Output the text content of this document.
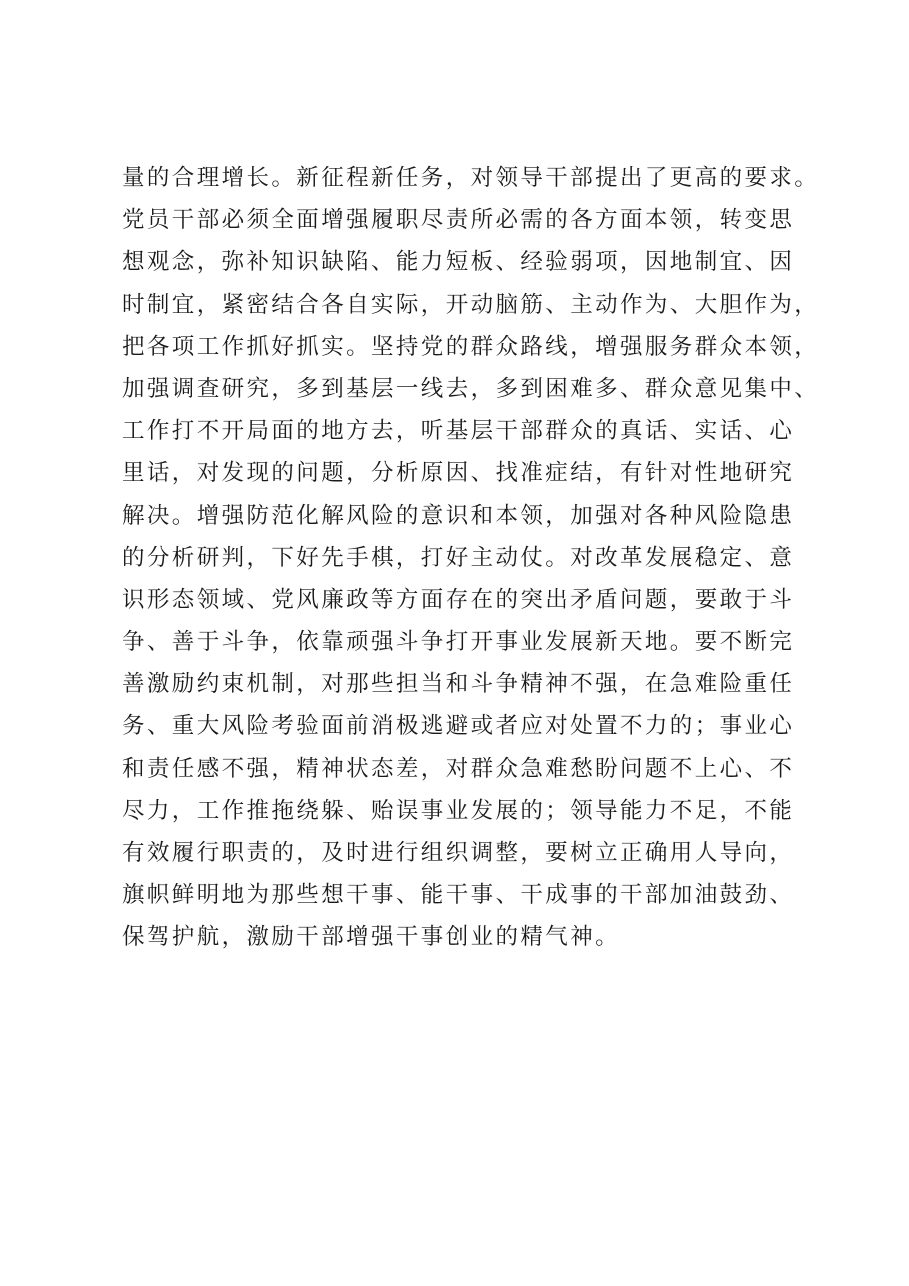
量的合理增长。新征程新任务，对领导干部提出了更高的要求。
党员干部必须全面增强履职尽责所必需的各方面本领，转变思
想观念，弥补知识缺陷、能力短板、经验弱项，因地制宜、因
时制宜，紧密结合各自实际，开动脑筋、主动作为、大胆作为，
把各项工作抓好抓实。坚持党的群众路线，增强服务群众本领，
加强调查研究，多到基层一线去，多到困难多、群众意见集中、
工作打不开局面的地方去，听基层干部群众的真话、实话、心
里话，对发现的问题，分析原因、找准症结，有针对性地研究
解决。增强防范化解风险的意识和本领，加强对各种风险隐患
的分析研判，下好先手棋，打好主动仗。对改革发展稳定、意
识形态领域、党风廉政等方面存在的突出矛盾问题，要敢于斗
争、善于斗争，依靠顽强斗争打开事业发展新天地。要不断完
善激励约束机制，对那些担当和斗争精神不强，在急难险重任
务、重大风险考验面前消极逃避或者应对处置不力的；事业心
和责任感不强，精神状态差，对群众急难愁盼问题不上心、不
尽力，工作推拖绕躲、贻误事业发展的；领导能力不足，不能
有效履行职责的，及时进行组织调整，要树立正确用人导向，
旗帜鲜明地为那些想干事、能干事、干成事的干部加油鼓劲、
保驾护航，激励干部增强干事创业的精气神。
